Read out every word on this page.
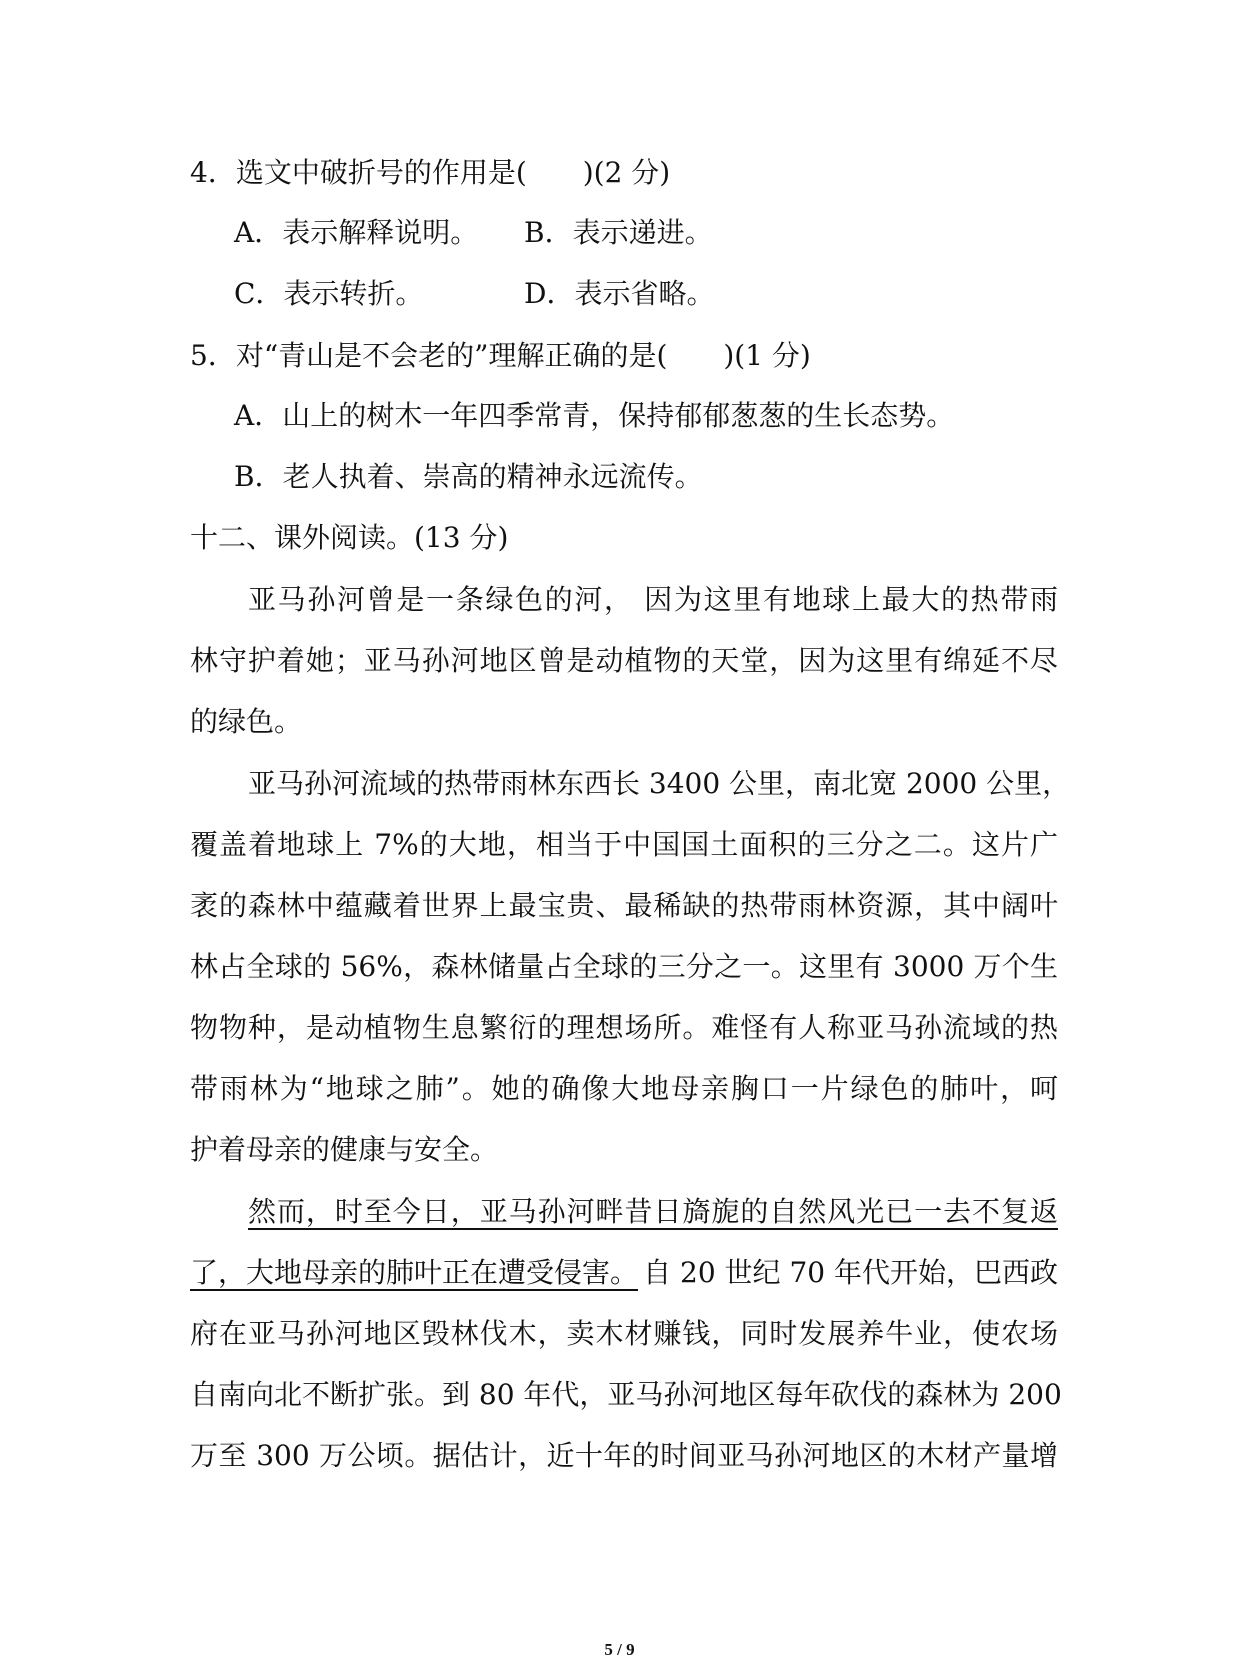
4．选文中破折号的作用是(　　)(2 分)
A．表示解释说明。 B．表示递进。
C．表示转折。	D．表示省略。
5．对“青山是不会老的”理解正确的是(　　)(1 分)
A．山上的树木一年四季常青，保持郁郁葱葱的生长态势。
B．老人执着、崇高的精神永远流传。
十二、课外阅读。(13 分)
亚马孙河曾是一条绿色的河， 因为这里有地球上最大的热带雨
林守护着她；亚马孙河地区曾是动植物的天堂，因为这里有绵延不尽
的绿色。
亚马孙河流域的热带雨林东西长 3400 公里，南北宽 2000 公里，
覆盖着地球上 7%的大地，相当于中国国土面积的三分之二。这片广
袤的森林中蕴藏着世界上最宝贵、最稀缺的热带雨林资源，其中阔叶
林占全球的 56%，森林储量占全球的三分之一。这里有 3000 万个生
物物种，是动植物生息繁衍的理想场所。难怪有人称亚马孙流域的热
带雨林为“地球之肺”。她的确像大地母亲胸口一片绿色的肺叶，呵
护着母亲的健康与安全。
然而，时至今日，亚马孙河畔昔日旖旎的自然风光已一去不复返
了，大地母亲的肺叶正在遭受侵害。 自 20 世纪 70 年代开始，巴西政
府在亚马孙河地区毁林伐木，卖木材赚钱，同时发展养牛业，使农场
自南向北不断扩张。到 80 年代，亚马孙河地区每年砍伐的森林为 200
万至 300 万公顷。据估计，近十年的时间亚马孙河地区的木材产量增
5 / 9
